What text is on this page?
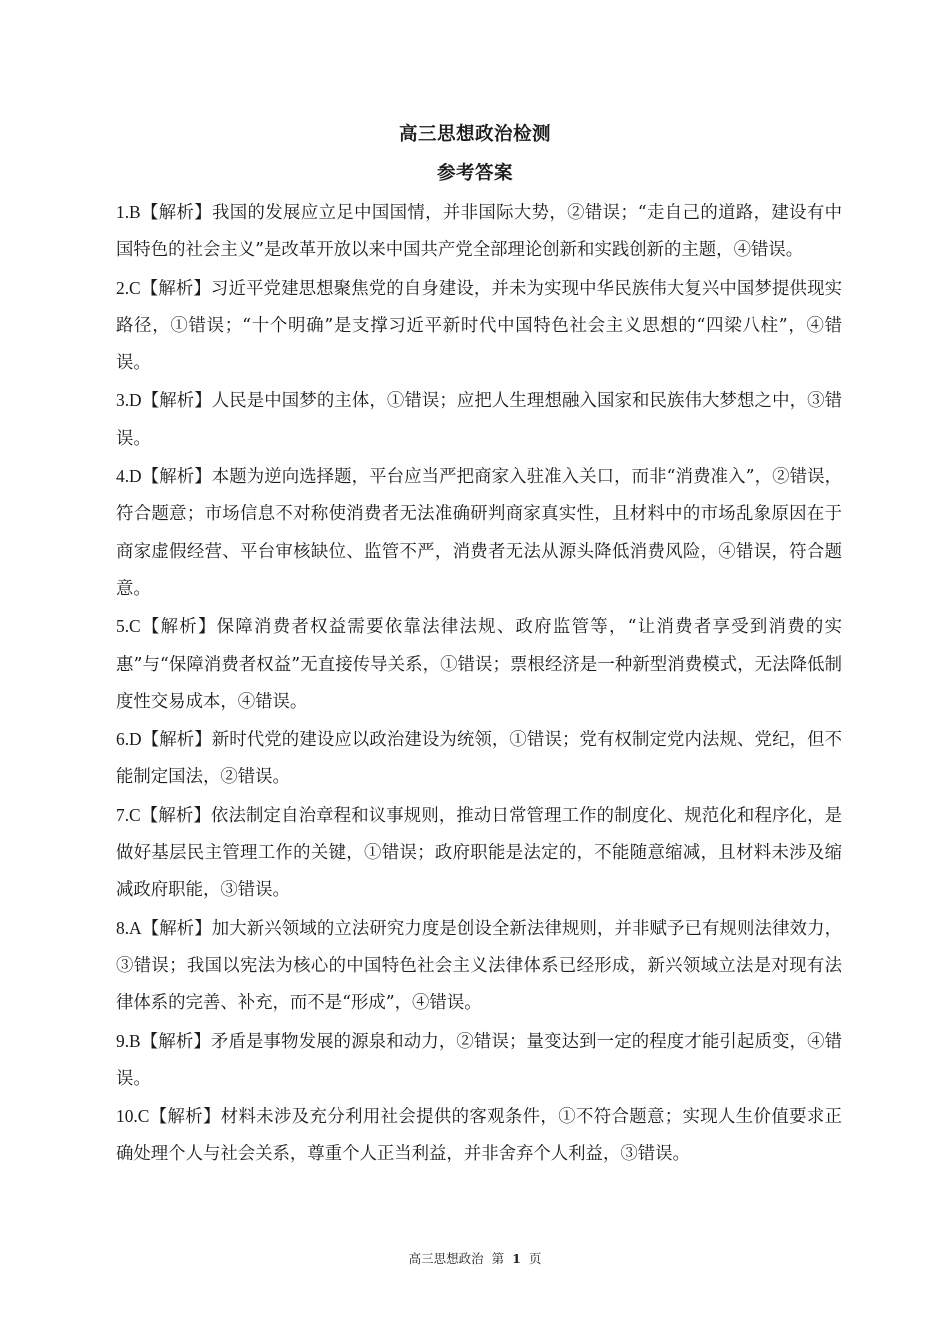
高三思想政治检测
参考答案

1.B【解析】我国的发展应立足中国国情，并非国际大势，②错误；“走自己的道路，建设有中国特色的社会主义”是改革开放以来中国共产党全部理论创新和实践创新的主题，④错误。

2.C【解析】习近平党建思想聚焦党的自身建设，并未为实现中华民族伟大复兴中国梦提供现实路径，①错误；“十个明确”是支撑习近平新时代中国特色社会主义思想的“四梁八柱”，④错误。

3.D【解析】人民是中国梦的主体，①错误；应把人生理想融入国家和民族伟大梦想之中，③错误。

4.D【解析】本题为逆向选择题，平台应当严把商家入驻准入关口，而非“消费准入”，②错误，符合题意；市场信息不对称使消费者无法准确研判商家真实性，且材料中的市场乱象原因在于商家虚假经营、平台审核缺位、监管不严，消费者无法从源头降低消费风险，④错误，符合题意。

5.C【解析】保障消费者权益需要依靠法律法规、政府监管等，“让消费者享受到消费的实惠”与“保障消费者权益”无直接传导关系，①错误；票根经济是一种新型消费模式，无法降低制度性交易成本，④错误。

6.D【解析】新时代党的建设应以政治建设为统领，①错误；党有权制定党内法规、党纪，但不能制定国法，②错误。

7.C【解析】依法制定自治章程和议事规则，推动日常管理工作的制度化、规范化和程序化，是做好基层民主管理工作的关键，①错误；政府职能是法定的，不能随意缩减，且材料未涉及缩减政府职能，③错误。

8.A【解析】加大新兴领域的立法研究力度是创设全新法律规则，并非赋予已有规则法律效力，③错误；我国以宪法为核心的中国特色社会主义法律体系已经形成，新兴领域立法是对现有法律体系的完善、补充，而不是“形成”，④错误。

9.B【解析】矛盾是事物发展的源泉和动力，②错误；量变达到一定的程度才能引起质变，④错误。

10.C【解析】材料未涉及充分利用社会提供的客观条件，①不符合题意；实现人生价值要求正确处理个人与社会关系，尊重个人正当利益，并非舍弃个人利益，③错误。

高三思想政治 第 1 页
